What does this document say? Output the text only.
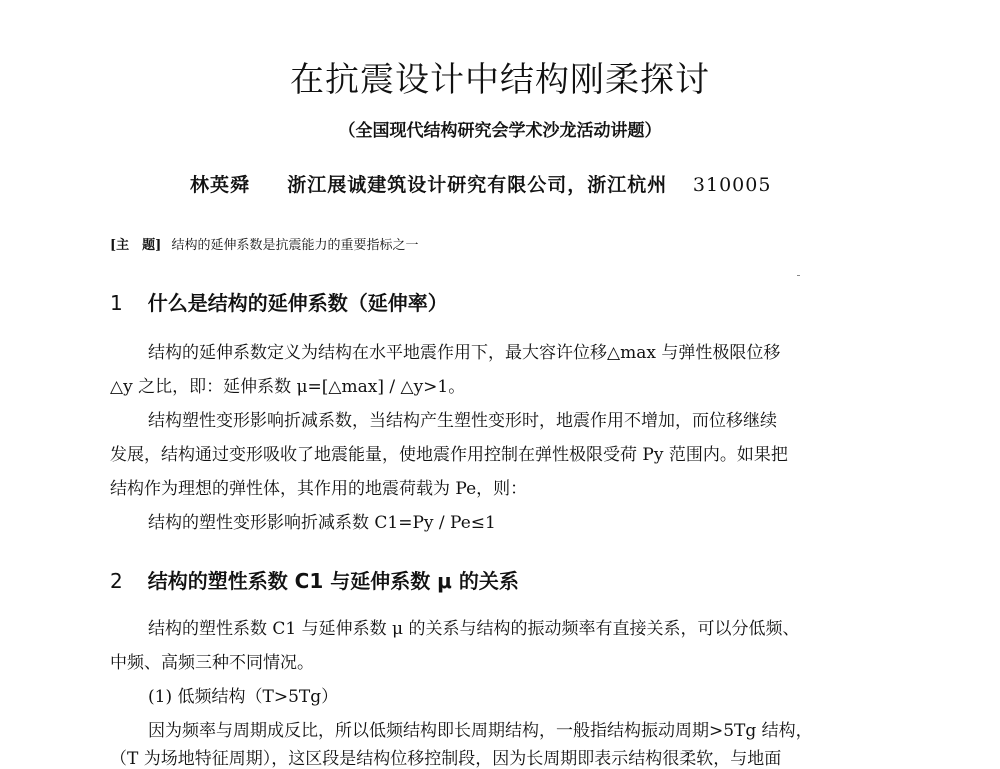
在抗震设计中结构刚柔探讨
（全国现代结构研究会学术沙龙活动讲题）
林英舜 浙江展诚建筑设计研究有限公司，浙江杭州 310005
[主　题] 结构的延伸系数是抗震能力的重要指标之一
1 什么是结构的延伸系数（延伸率）
结构的延伸系数定义为结构在水平地震作用下，最大容许位移△max 与弹性极限位移
△y 之比，即：延伸系数 μ=[△max] / △y>1。
结构塑性变形影响折减系数，当结构产生塑性变形时，地震作用不增加，而位移继续
发展，结构通过变形吸收了地震能量，使地震作用控制在弹性极限受荷 Py 范围内。如果把
结构作为理想的弹性体，其作用的地震荷载为 Pe，则：
结构的塑性变形影响折减系数 C1=Py / Pe≤1
2 结构的塑性系数 C1 与延伸系数 μ 的关系
结构的塑性系数 C1 与延伸系数 μ 的关系与结构的振动频率有直接关系，可以分低频、
中频、高频三种不同情况。
(1) 低频结构（T>5Tg）
因为频率与周期成反比，所以低频结构即长周期结构，一般指结构振动周期>5Tg 结构，
（T 为场地特征周期），这区段是结构位移控制段，因为长周期即表示结构很柔软，与地面
